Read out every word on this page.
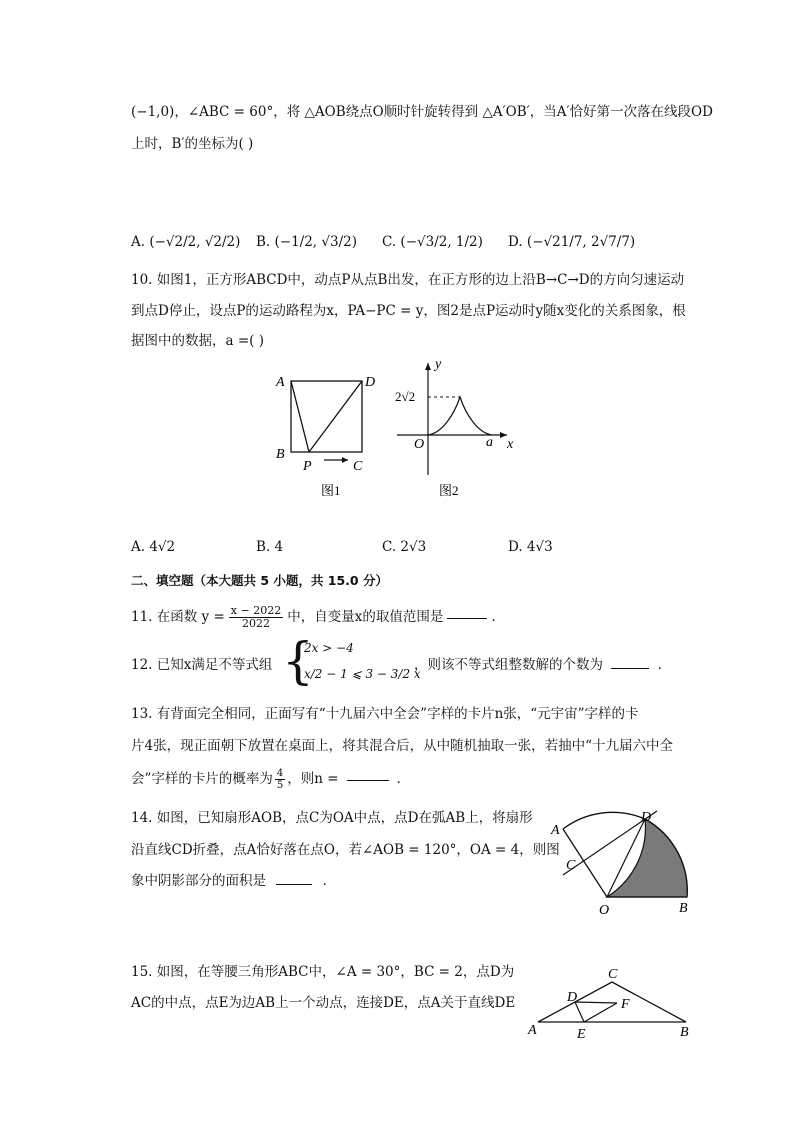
(−1,0)，∠ABC = 60°，将 △AOB绕点O顺时针旋转得到 △A′OB′，当A′恰好第一次落在线段OD
上时，B′的坐标为( )
A. (−√2/2, √2/2) B. (−1/2, √3/2) C. (−√3/2, 1/2) D. (−√21/7, 2√7/7)
10. 如图1，正方形ABCD中，动点P从点B出发，在正方形的边上沿B→C→D的方向匀速运动
到点D停止，设点P的运动路程为x，PA−PC = y，图2是点P运动时y随x变化的关系图象，根
据图中的数据，a =( )
A	D
B
P	C
图1
y
2√2
O	a x
图2
A. 4√2	B. 4	C. 2√3	D. 4√3
二、填空题（本大题共 5 小题，共 15.0 分）
11. 在函数 $y = \frac{x - 2022}{2022}$ 中，自变量x的取值范围是	．
12. 已知x满足不等式组 {
2x > −4
x/2 − 1 ⩽ 3 − 3/2 x
，则该不等式组整数解的个数为	．
13. 有背面完全相同，正面写有“十九届六中全会”字样的卡片n张，“元宇宙”字样的卡
片4张，现正面朝下放置在桌面上，将其混合后，从中随机抽取一张，若抽中“十九届六中全
会”字样的卡片的概率为 $\frac{4}{5}$ ，则n =	．
14. 如图，已知扇形AOB，点C为OA中点，点D在弧AB上，将扇形
沿直线CD折叠，点A恰好落在点O，若∠AOB = 120°，OA = 4，则图
象中阴影部分的面积是	．
D
A
C
O	B
15. 如图，在等腰三角形ABC中，∠A = 30°，BC = 2，点D为
AC的中点，点E为边AB上一个动点，连接DE，点A关于直线DE
C
D	F
A	E	B
